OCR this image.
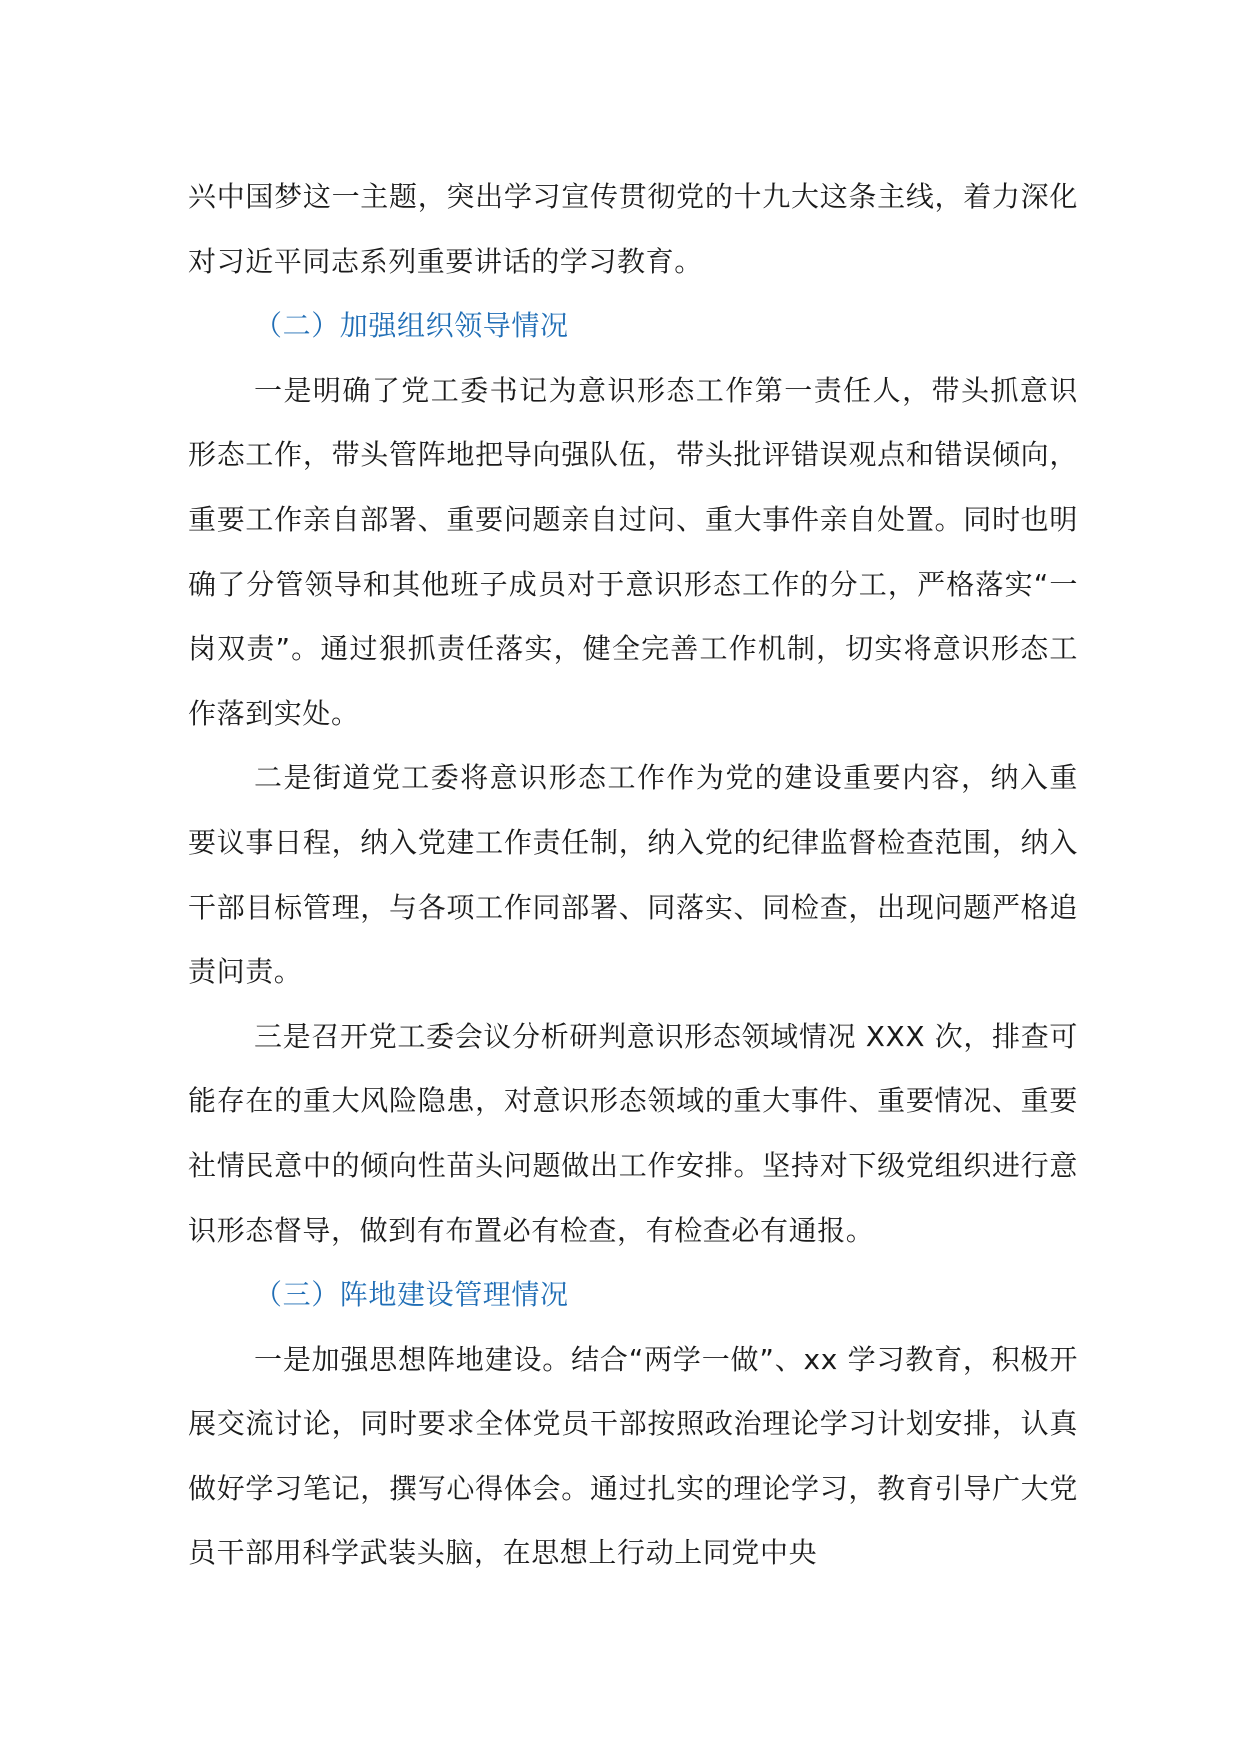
兴中国梦这一主题，突出学习宣传贯彻党的十九大这条主线，着力深化对习近平同志系列重要讲话的学习教育。

（二）加强组织领导情况

一是明确了党工委书记为意识形态工作第一责任人，带头抓意识形态工作，带头管阵地把导向强队伍，带头批评错误观点和错误倾向，重要工作亲自部署、重要问题亲自过问、重大事件亲自处置。同时也明确了分管领导和其他班子成员对于意识形态工作的分工，严格落实“一岗双责”。通过狠抓责任落实，健全完善工作机制，切实将意识形态工作落到实处。

二是街道党工委将意识形态工作作为党的建设重要内容，纳入重要议事日程，纳入党建工作责任制，纳入党的纪律监督检查范围，纳入干部目标管理，与各项工作同部署、同落实、同检查，出现问题严格追责问责。

三是召开党工委会议分析研判意识形态领域情况 XXX 次，排查可能存在的重大风险隐患，对意识形态领域的重大事件、重要情况、重要社情民意中的倾向性苗头问题做出工作安排。坚持对下级党组织进行意识形态督导，做到有布置必有检查，有检查必有通报。

（三）阵地建设管理情况

一是加强思想阵地建设。结合“两学一做”、xx 学习教育，积极开展交流讨论，同时要求全体党员干部按照政治理论学习计划安排，认真做好学习笔记，撰写心得体会。通过扎实的理论学习，教育引导广大党员干部用科学武装头脑，在思想上行动上同党中央
